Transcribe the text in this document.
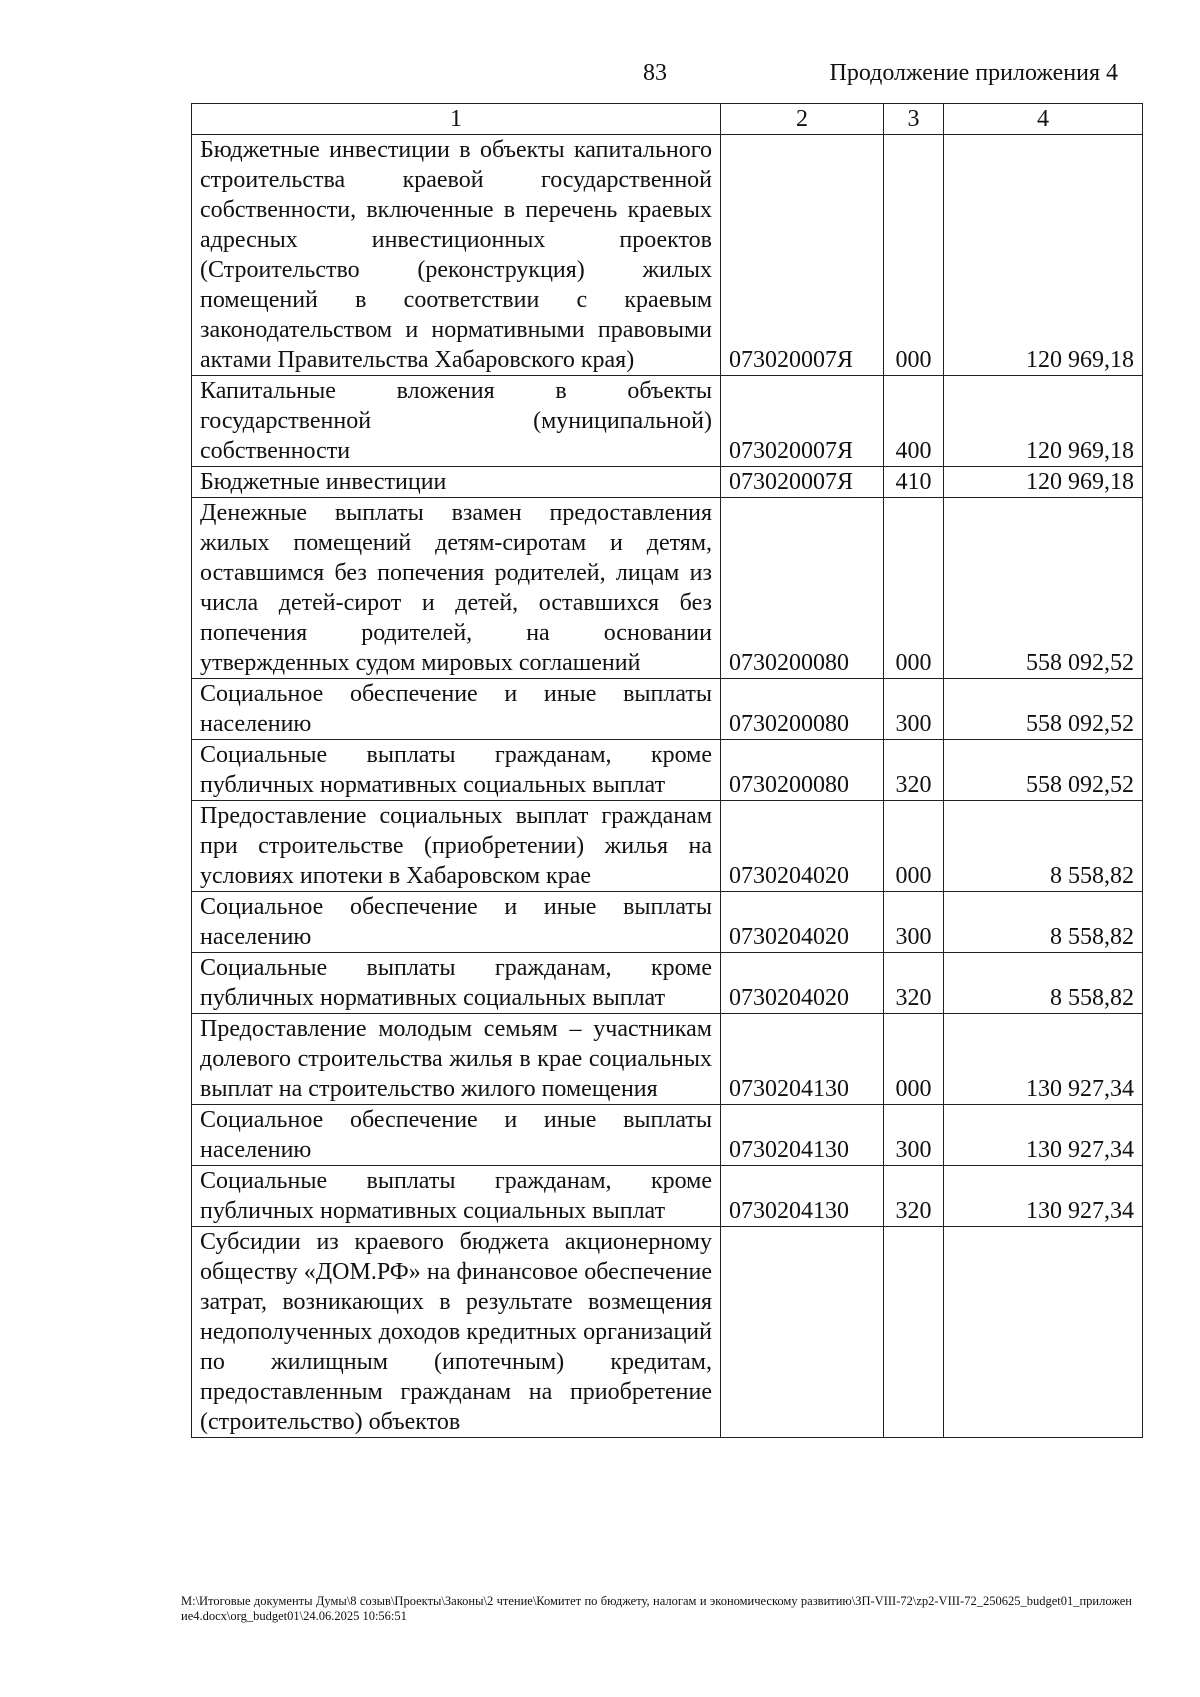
83	Продолжение приложения 4
1	2	3	4
Бюджетные инвестиции в объекты капитального строительства краевой государственной собственности, включенные в перечень краевых адресных инвестиционных проектов (Строительство (реконструкция) жилых помещений в соответствии с краевым законодательством и нормативными правовыми актами Правительства Хабаровского края)	073020007Я	000	120 969,18
Капитальные вложения в объекты государственной (муниципальной) собственности	073020007Я	400	120 969,18
Бюджетные инвестиции	073020007Я	410	120 969,18
Денежные выплаты взамен предоставления жилых помещений детям-сиротам и детям, оставшимся без попечения родителей, лицам из числа детей-сирот и детей, оставшихся без попечения родителей, на основании утвержденных судом мировых соглашений	0730200080	000	558 092,52
Социальное обеспечение и иные выплаты населению	0730200080	300	558 092,52
Социальные выплаты гражданам, кроме публичных нормативных социальных выплат	0730200080	320	558 092,52
Предоставление социальных выплат гражданам при строительстве (приобретении) жилья на условиях ипотеки в Хабаровском крае	0730204020	000	8 558,82
Социальное обеспечение и иные выплаты населению	0730204020	300	8 558,82
Социальные выплаты гражданам, кроме публичных нормативных социальных выплат	0730204020	320	8 558,82
Предоставление молодым семьям – участникам долевого строительства жилья в крае социальных выплат на строительство жилого помещения	0730204130	000	130 927,34
Социальное обеспечение и иные выплаты населению	0730204130	300	130 927,34
Социальные выплаты гражданам, кроме публичных нормативных социальных выплат	0730204130	320	130 927,34
Субсидии из краевого бюджета акционерному обществу «ДОМ.РФ» на финансовое обеспечение затрат, возникающих в результате возмещения недополученных доходов кредитных организаций по жилищным (ипотечным) кредитам, предоставленным гражданам на приобретение (строительство) объектов			
М:\Итоговые документы Думы\8 созыв\Проекты\Законы\2 чтение\Комитет по бюджету, налогам и экономическому развитию\ЗП-VIII-72\zp2-VIII-72_250625_budget01_приложение4.docx\org_budget01\24.06.2025 10:56:51
